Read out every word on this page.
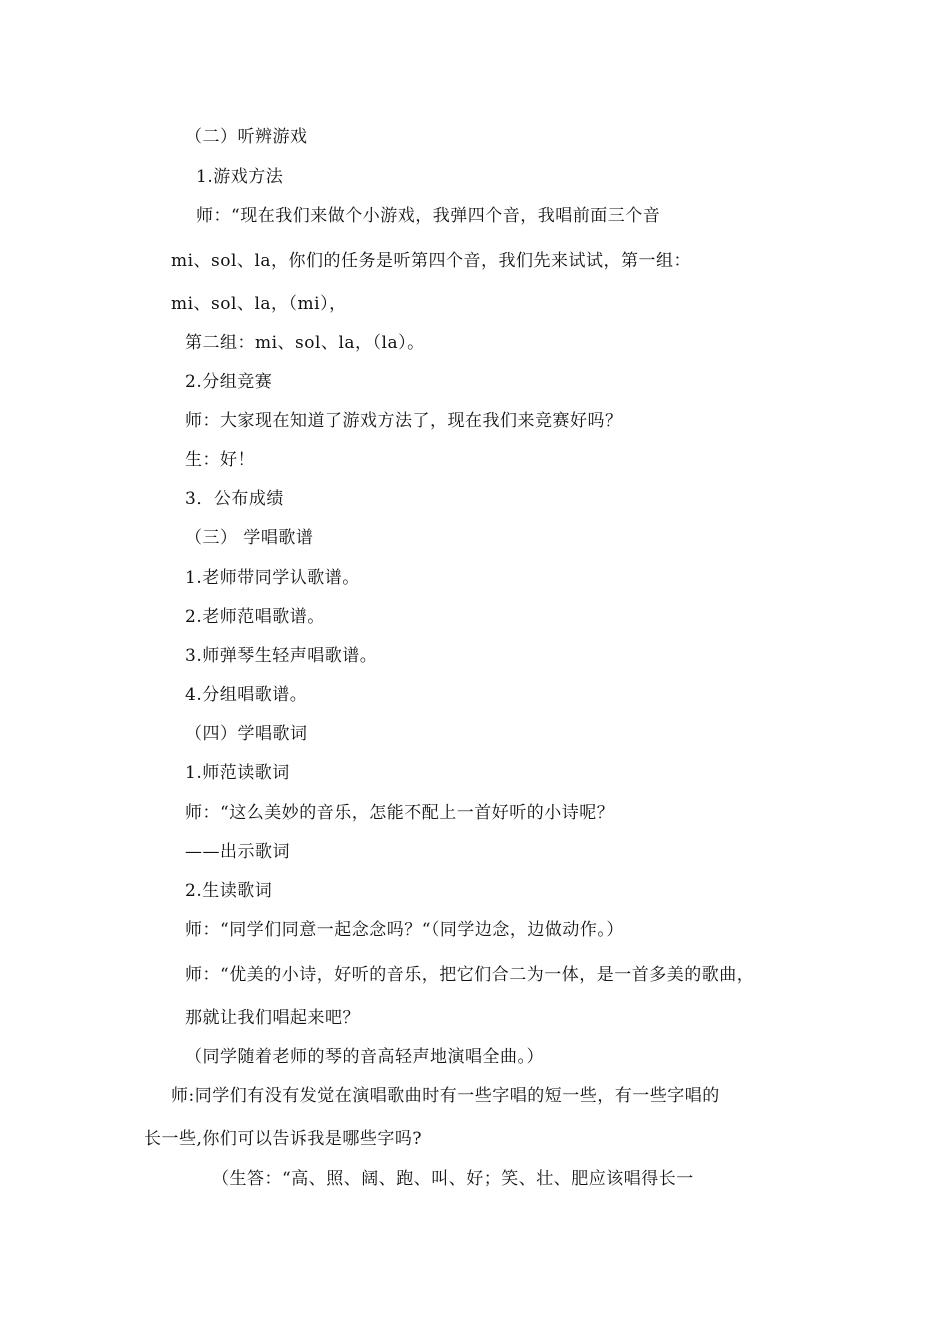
（二）听辨游戏
1.游戏方法
师：“现在我们来做个小游戏，我弹四个音，我唱前面三个音
mi、sol、la，你们的任务是听第四个音，我们先来试试，第一组：
mi、sol、la，（mi），
第二组：mi、sol、la，（la）。
2.分组竞赛
师：大家现在知道了游戏方法了，现在我们来竞赛好吗？
生：好！
3．公布成绩
（三） 学唱歌谱
1.老师带同学认歌谱。
2.老师范唱歌谱。
3.师弹琴生轻声唱歌谱。
4.分组唱歌谱。
（四）学唱歌词
1.师范读歌词
师：“这么美妙的音乐，怎能不配上一首好听的小诗呢？
——出示歌词
2.生读歌词
师：“同学们同意一起念念吗？“（同学边念，边做动作。）
师：“优美的小诗，好听的音乐，把它们合二为一体，是一首多美的歌曲，
那就让我们唱起来吧？
（同学随着老师的琴的音高轻声地演唱全曲。）
师:同学们有没有发觉在演唱歌曲时有一些字唱的短一些，有一些字唱的
长一些,你们可以告诉我是哪些字吗?
（生答：“高、照、阔、跑、叫、好；笑、壮、肥应该唱得长一
